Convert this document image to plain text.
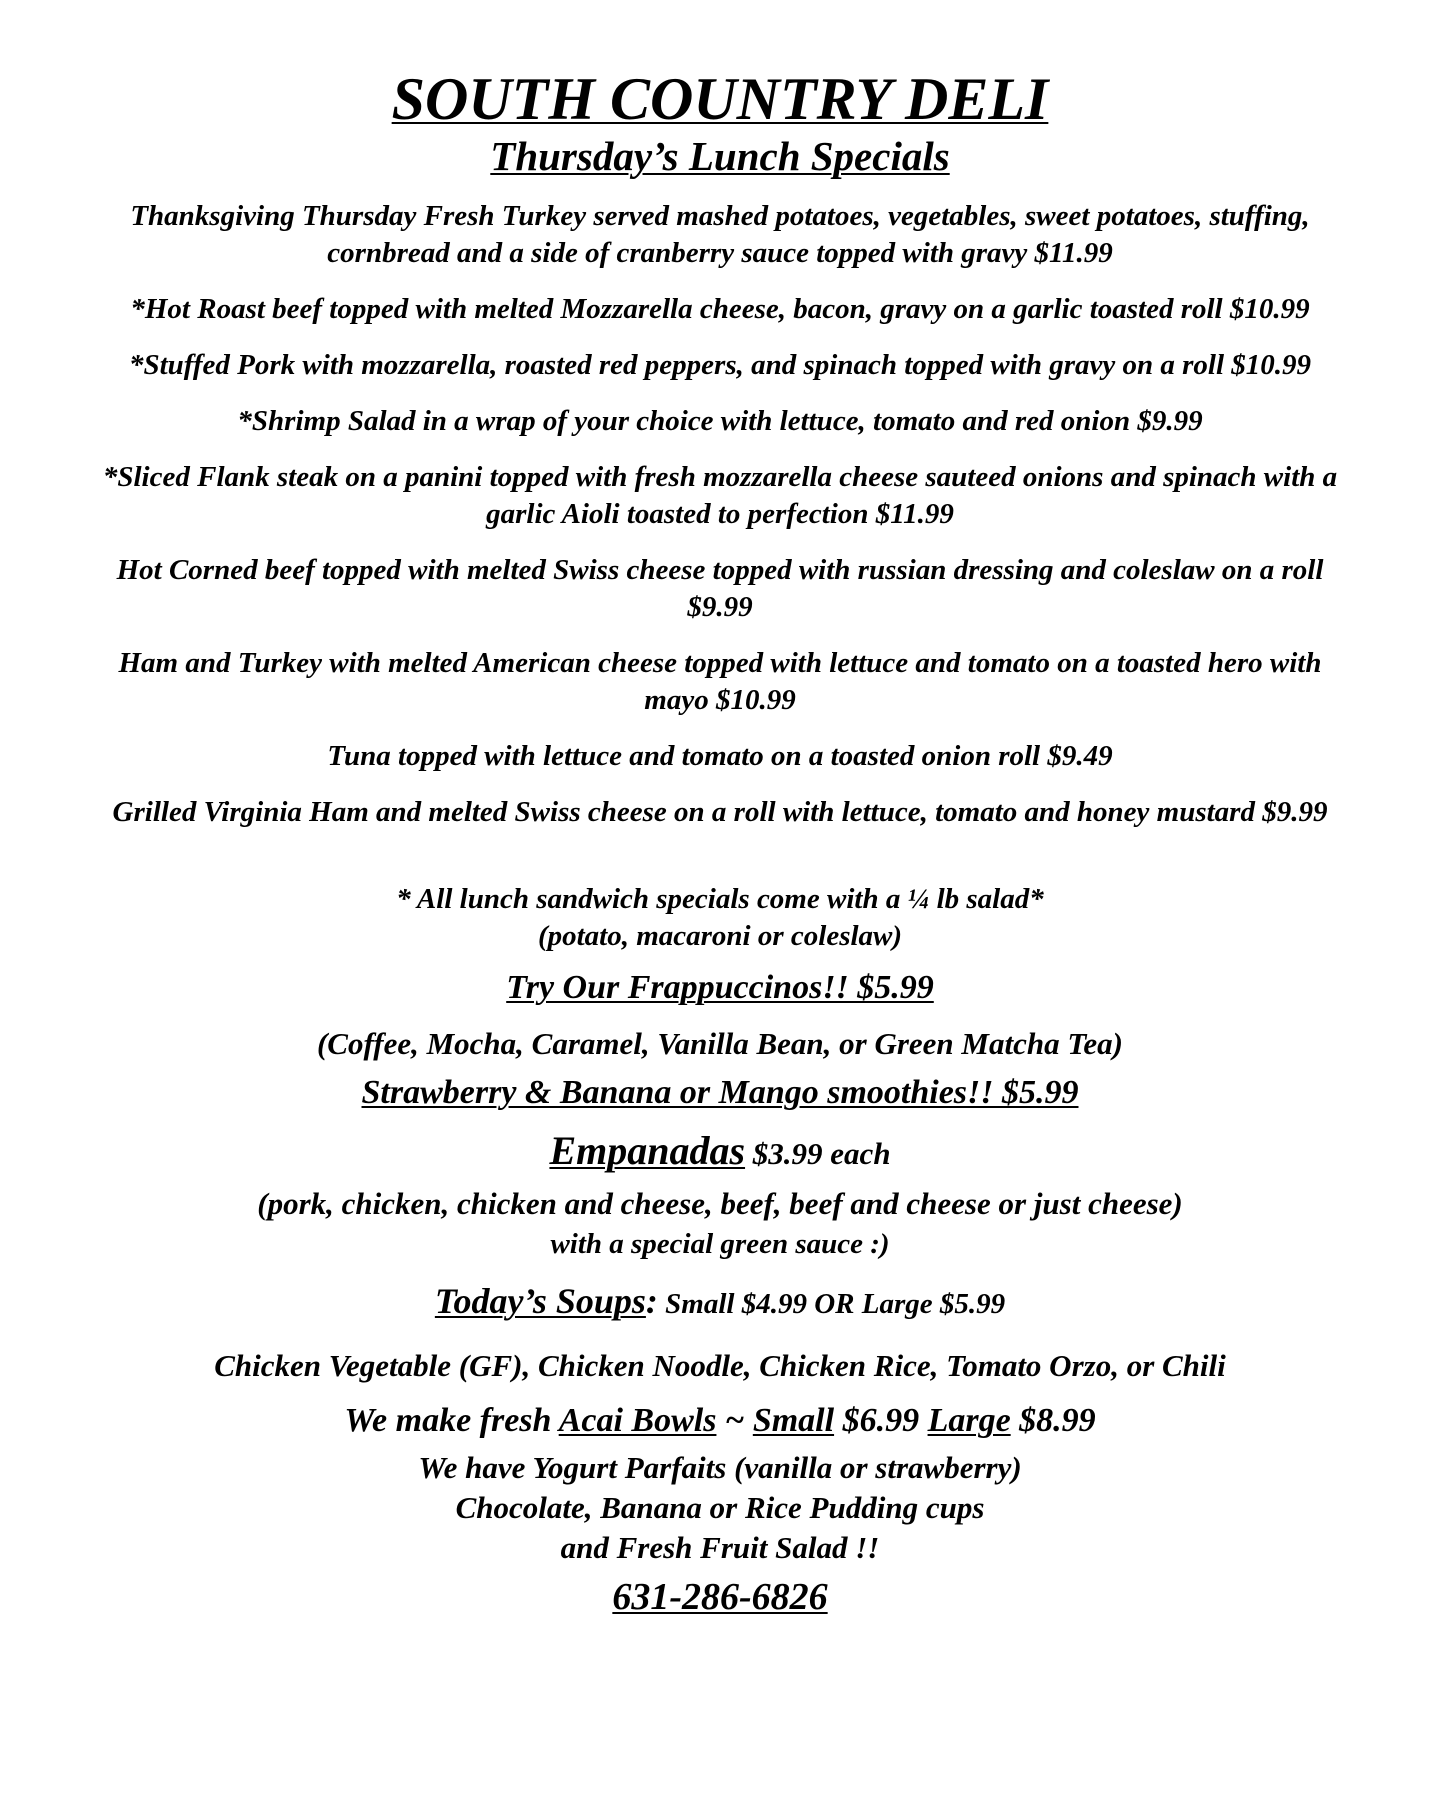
SOUTH COUNTRY DELI
Thursday’s Lunch Specials

Thanksgiving Thursday Fresh Turkey served mashed potatoes, vegetables, sweet potatoes, stuffing, cornbread and a side of cranberry sauce topped with gravy $11.99

*Hot Roast beef topped with melted Mozzarella cheese, bacon, gravy on a garlic toasted roll $10.99

*Stuffed Pork with mozzarella, roasted red peppers, and spinach topped with gravy on a roll $10.99

*Shrimp Salad in a wrap of your choice with lettuce, tomato and red onion $9.99

*Sliced Flank steak on a panini topped with fresh mozzarella cheese sauteed onions and spinach with a garlic Aioli toasted to perfection $11.99

Hot Corned beef topped with melted Swiss cheese topped with russian dressing and coleslaw on a roll $9.99

Ham and Turkey with melted American cheese topped with lettuce and tomato on a toasted hero with mayo $10.99

Tuna topped with lettuce and tomato on a toasted onion roll $9.49

Grilled Virginia Ham and melted Swiss cheese on a roll with lettuce, tomato and honey mustard $9.99

* All lunch sandwich specials come with a ¼ lb salad*

(potato, macaroni or coleslaw)

Try Our Frappuccinos!! $5.99

(Coffee, Mocha, Caramel, Vanilla Bean, or Green Matcha Tea)

Strawberry & Banana or Mango smoothies!! $5.99

Empanadas $3.99 each

(pork, chicken, chicken and cheese, beef, beef and cheese or just cheese)

with a special green sauce :)

Today’s Soups: Small $4.99 OR Large $5.99

Chicken Vegetable (GF), Chicken Noodle, Chicken Rice, Tomato Orzo, or Chili

We make fresh Acai Bowls ~ Small $6.99 Large $8.99

We have Yogurt Parfaits (vanilla or strawberry)

Chocolate, Banana or Rice Pudding cups

and Fresh Fruit Salad !!

631-286-6826
